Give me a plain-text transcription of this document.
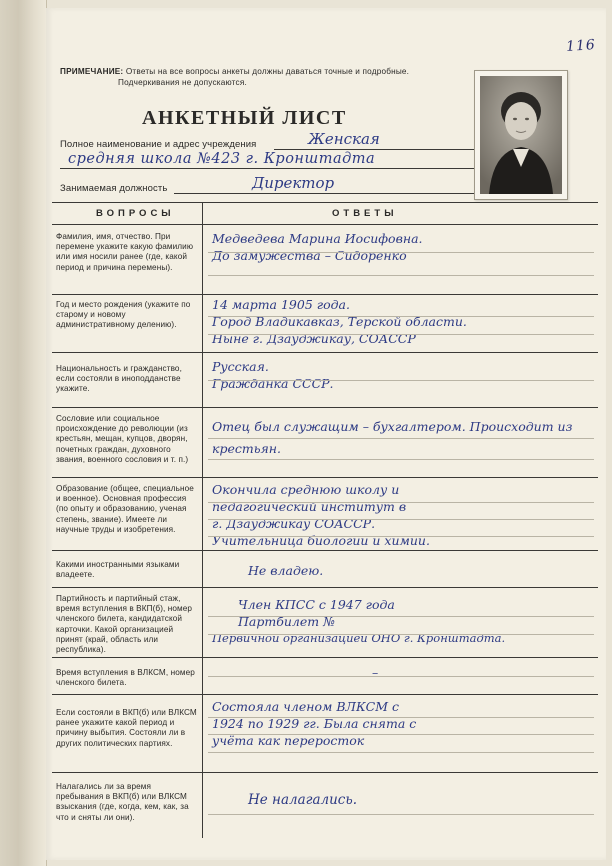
116
ПРИМЕЧАНИЕ: Ответы на все вопросы анкеты должны даваться точные и подробные.
Подчеркивания не допускаются.
АНКЕТНЫЙ ЛИСТ
Полное наименование и адрес учреждения	Женская
средняя школа №423 г. Кронштадта
Занимаемая должность	Директор
ВОПРОСЫ	ОТВЕТЫ
Фамилия, имя, отчество. При перемене укажите какую фамилию или имя носили ранее (где, какой период и причина перемены).
Медведева Марина Иосифовна.
До замужества – Сидоренко
Год и место рождения (укажите по старому и новому административному делению).
14 марта 1905 года.
Город Владикавказ, Терской области.
Ныне г. Дзауджикау, СОАССР
Национальность и гражданство, если состояли в иноподданстве укажите.
Русская.
Гражданка СССР.
Сословие или социальное происхождение до революции (из крестьян, мещан, купцов, дворян, почетных граждан, духовного звания, военного сословия и т. п.)
Отец был служащим – бухгалтером. Происходит из крестьян.
Образование (общее, специальное и военное). Основная профессия (по опыту и образованию, ученая степень, звание). Имеете ли научные труды и изобретения.
Окончила среднюю школу и
педагогический институт в
г. Дзауджикау СОАССР.
Учительница биологии и химии.
Какими иностранными языками владеете.	Не владею.
Партийность и партийный стаж, время вступления в ВКП(б), номер членского билета, кандидатской карточки. Какой организацией принят (край, область или республика).
Член КПСС с 1947 года
Партбилет №
Первичной организацией ОНО г. Кронштадта.
Время вступления в ВЛКСМ, номер членского билета.
–
Если состояли в ВКП(б) или ВЛКСМ ранее укажите какой период и причину выбытия. Состояли ли в других политических партиях.
Состояла членом ВЛКСМ с
1924 по 1929 гг. Была снята с
учёта как переросток
Налагались ли за время пребывания в ВКП(б) или ВЛКСМ взыскания (где, когда, кем, как, за что и сняты ли они).
Не налагались.
